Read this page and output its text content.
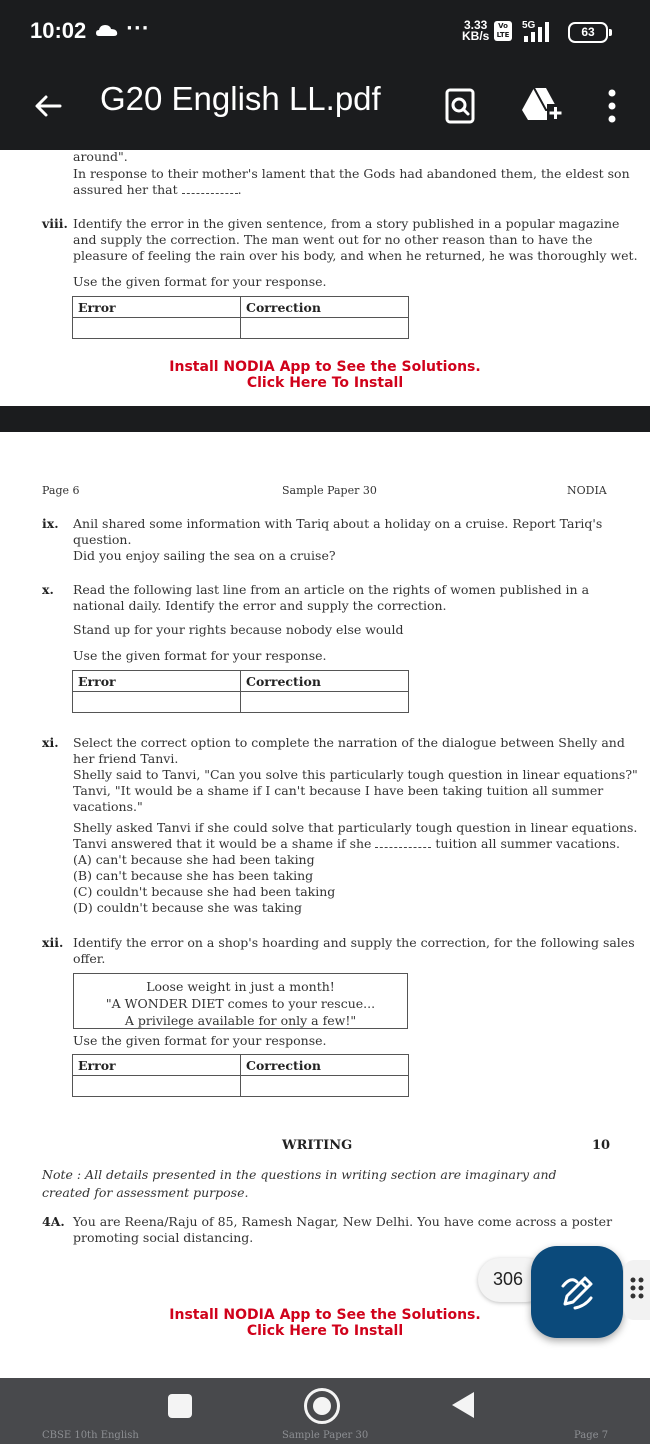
10:02 ···	3.33
KB/s
Vo LTE
5G	63
G20 English LL.pdf
around".
In response to their mother's lament that the Gods had abandoned them, the eldest son
assured her that	.
viii. Identify the error in the given sentence, from a story published in a popular magazine
and supply the correction. The man went out for no other reason than to have the
pleasure of feeling the rain over his body, and when he returned, he was thoroughly wet.
Use the given format for your response.
Error	Correction

Install NODIA App to See the Solutions.
Click Here To Install
Page 6	Sample Paper 30	NODIA
ix. Anil shared some information with Tariq about a holiday on a cruise. Report Tariq's
question.
Did you enjoy sailing the sea on a cruise?
x. Read the following last line from an article on the rights of women published in a
national daily. Identify the error and supply the correction.
Stand up for your rights because nobody else would
Use the given format for your response.
Error	Correction

xi. Select the correct option to complete the narration of the dialogue between Shelly and
her friend Tanvi.
Shelly said to Tanvi, "Can you solve this particularly tough question in linear equations?"
Tanvi, "It would be a shame if I can't because I have been taking tuition all summer
vacations."
Shelly asked Tanvi if she could solve that particularly tough question in linear equations.
Tanvi answered that it would be a shame if she	tuition all summer vacations.
(A) can't because she had been taking
(B) can't because she has been taking
(C) couldn't because she had been taking
(D) couldn't because she was taking
xii. Identify the error on a shop's hoarding and supply the correction, for the following sales
offer.
Loose weight in just a month!
"A WONDER DIET comes to your rescue...
A privilege available for only a few!"
Use the given format for your response.
Error	Correction

WRITING	10
Note : All details presented in the questions in writing section are imaginary and
created for assessment purpose.
4A. You are Reena/Raju of 85, Ramesh Nagar, New Delhi. You have come across a poster
promoting social distancing.
Install NODIA App to See the Solutions.
Click Here To Install
306
CBSE 10th English	Sample Paper 30	Page 7
